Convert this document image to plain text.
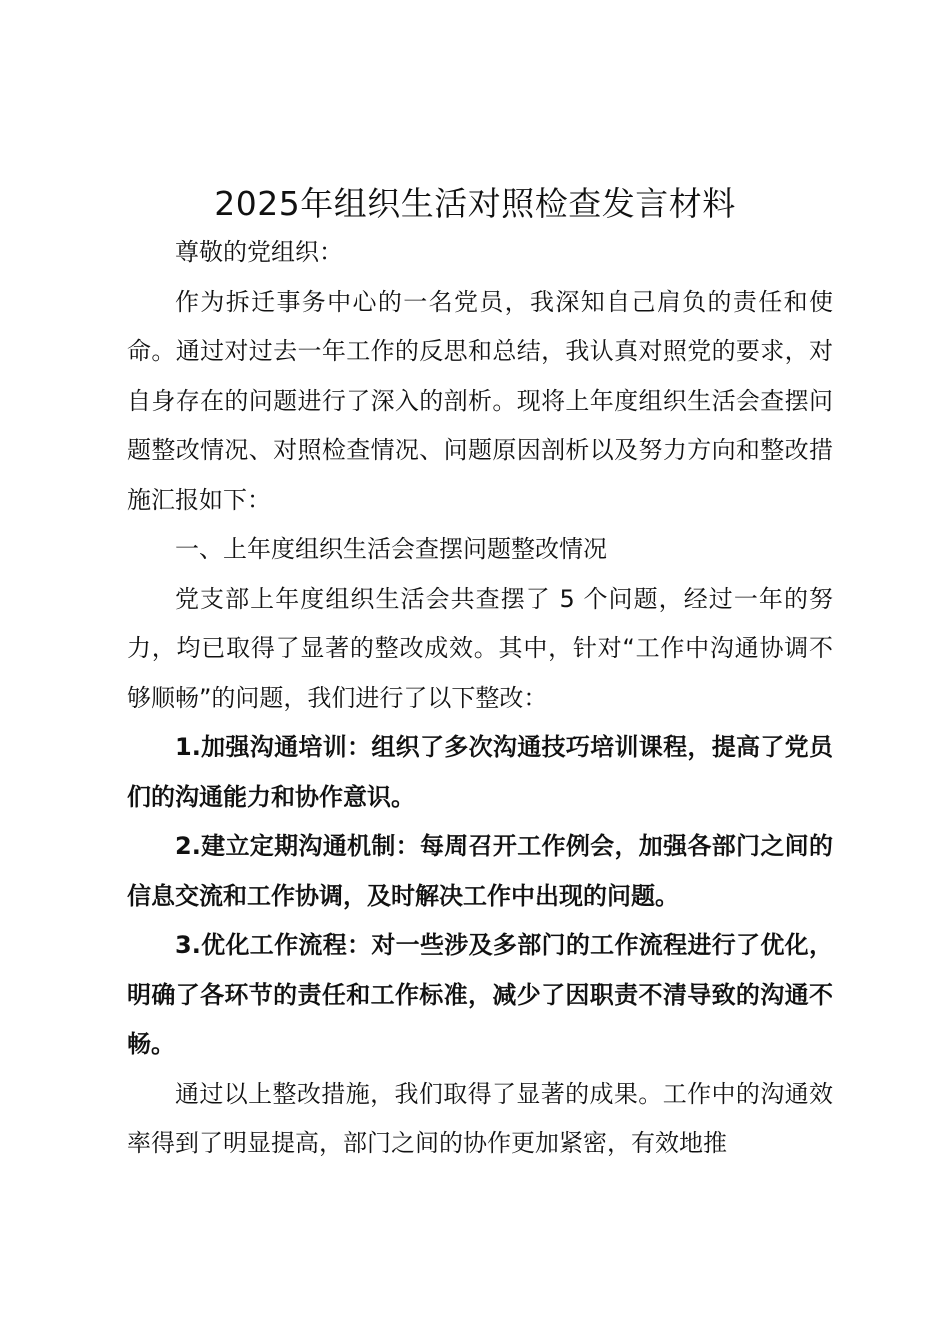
2025年组织生活对照检查发言材料

尊敬的党组织：

作为拆迁事务中心的一名党员，我深知自己肩负的责任和使命。通过对过去一年工作的反思和总结，我认真对照党的要求，对自身存在的问题进行了深入的剖析。现将上年度组织生活会查摆问题整改情况、对照检查情况、问题原因剖析以及努力方向和整改措施汇报如下：

一、上年度组织生活会查摆问题整改情况

党支部上年度组织生活会共查摆了 5 个问题，经过一年的努力，均已取得了显著的整改成效。其中，针对“工作中沟通协调不够顺畅”的问题，我们进行了以下整改：

1.加强沟通培训：组织了多次沟通技巧培训课程，提高了党员们的沟通能力和协作意识。

2.建立定期沟通机制：每周召开工作例会，加强各部门之间的信息交流和工作协调，及时解决工作中出现的问题。

3.优化工作流程：对一些涉及多部门的工作流程进行了优化，明确了各环节的责任和工作标准，减少了因职责不清导致的沟通不畅。

通过以上整改措施，我们取得了显著的成果。工作中的沟通效率得到了明显提高，部门之间的协作更加紧密，有效地推
